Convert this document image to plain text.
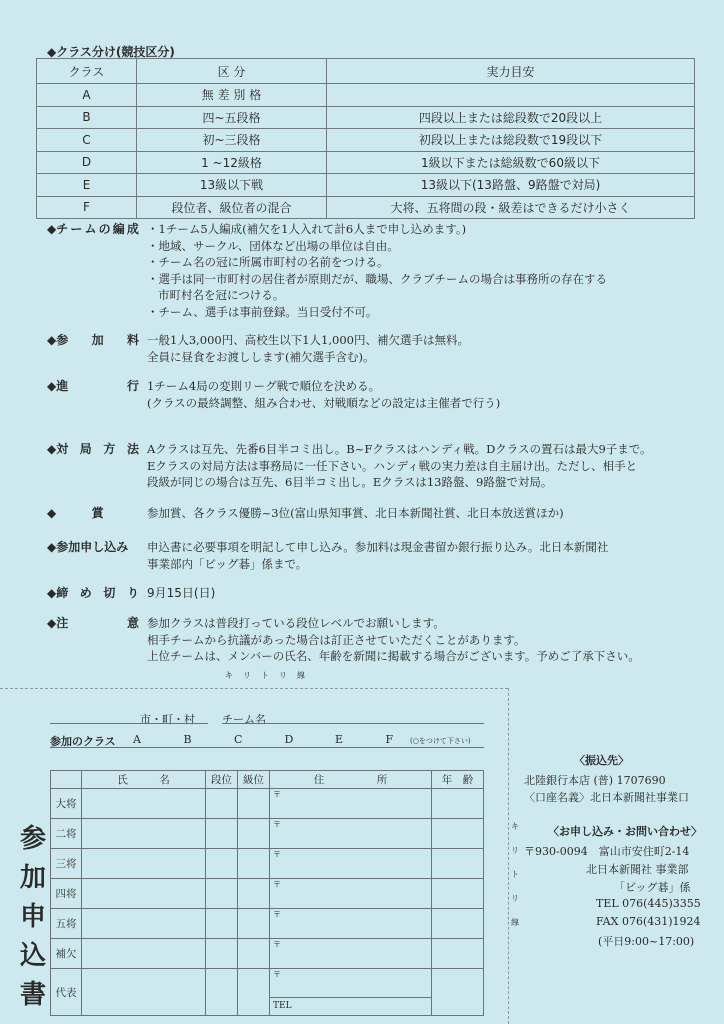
◆クラス分け(競技区分)
クラス	区 分	実力目安
A	無 差 別 格	
B	四~五段格	四段以上または総段数で20段以上
C	初~三段格	初段以上または総段数で19段以下
D	1 ~12級格	1級以下または総級数で60級以下
E	13級以下戦	13級以下(13路盤、9路盤で対局)
F	段位者、級位者の混合	大将、五将間の段・級差はできるだけ小さく
◆チ ー ム の 編 成 ・1チーム5人編成(補欠を1人入れて計6人まで申し込めます。)
・地域、サークル、団体など出場の単位は自由。
・チーム名の冠に所属市町村の名前をつける。
・選手は同一市町村の居住者が原則だが、職場、クラブチームの場合は事務所の存在する
市町村名を冠につける。
・チーム、選手は事前登録。当日受付不可。
◆参 加 料 一般1人3,000円、高校生以下1人1,000円、補欠選手は無料。
全員に昼食をお渡しします(補欠選手含む)。
◆進	行 1チーム4局の変則リーグ戦で順位を決める。
(クラスの最終調整、組み合わせ、対戦順などの設定は主催者で行う)
◆対 局 方 法 Aクラスは互先、先番6目半コミ出し。B~Fクラスはハンディ戦。Dクラスの置石は最大9子まで。
Eクラスの対局方法は事務局に一任下さい。ハンディ戦の実力差は自主届け出。ただし、相手と
段級が同じの場合は互先、6目半コミ出し。Eクラスは13路盤、9路盤で対局。
◆	賞	参加賞、各クラス優勝~3位(富山県知事賞、北日本新聞社賞、北日本放送賞ほか)
◆参加申し込み 申込書に必要事項を明記して申し込み。参加料は現金書留か銀行振り込み。北日本新聞社
事業部内「ビッグ碁」係まで。
◆締 め 切 り 9月15日(日)
◆注	意 参加クラスは普段打っている段位レベルでお願いします。
相手チームから抗議があった場合は訂正させていただくことがあります。
上位チームは、メンバーの氏名、年齢を新聞に掲載する場合がございます。予めご了承下さい。
キリトリ線
キ
リ
ト
リ
線
市・町・村 チーム名
参加のクラス A	B	C	D	E	F	(○をつけて下さい)
参
加
申
込
書
	氏　　　名	段位	級位	住　　　　　所	年　齢
大将				〒	
二将				〒	
三将				〒	
四将				〒	
五将				〒	
補欠				〒	
代表				〒	
				TEL	
〈振込先〉
北陸銀行本店 (普) 1707690
〈口座名義〉北日本新聞社事業口
〈お申し込み・お問い合わせ〉
〒930-0094　富山市安住町2-14
北日本新聞社 事業部
「ビッグ碁」係
TEL 076(445)3355
FAX 076(431)1924
(平日9:00~17:00)
